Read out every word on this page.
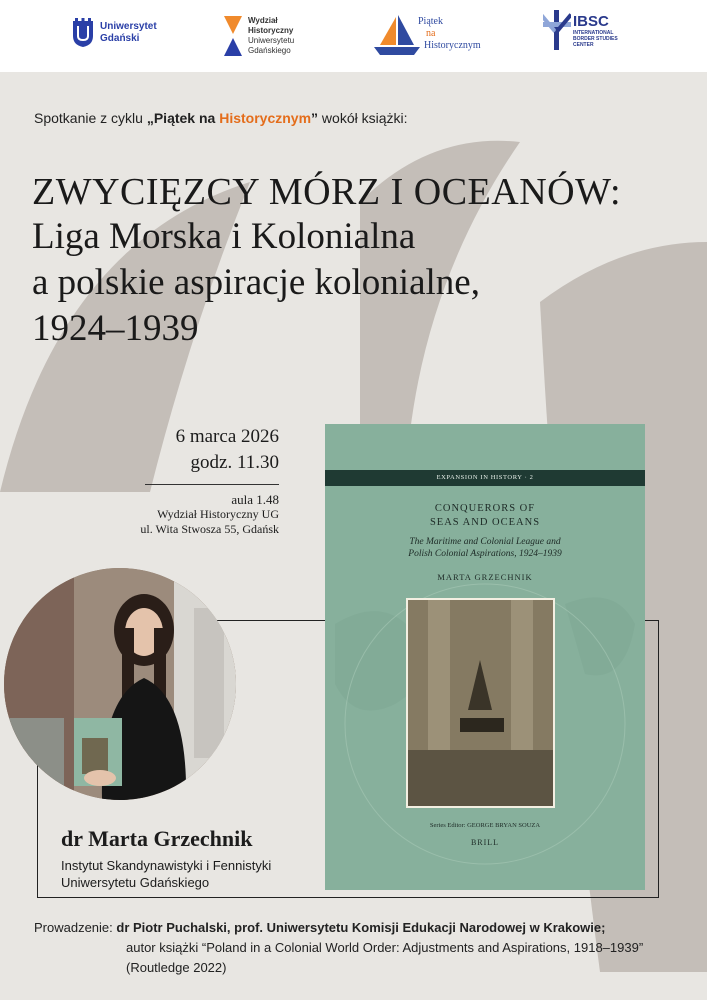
Uniwersytet
Gdański
Wydział
Historyczny
Uniwersytetu
Gdańskiego
Piątek
na
Historycznym
IBSC
INTERNATIONAL BORDER STUDIES CENTER
Spotkanie z cyklu „Piątek na Historycznym” wokół książki:
ZWYCIĘZCY MÓRZ I OCEANÓW:
Liga Morska i Kolonialna
a polskie aspiracje kolonialne,
1924–1939
6 marca 2026
godz. 11.30
aula 1.48
Wydział Historyczny UG
ul. Wita Stwosza 55, Gdańsk
dr Marta Grzechnik
Instytut Skandynawistyki i Fennistyki
Uniwersytetu Gdańskiego
EXPANSION IN HISTORY · 2
CONQUERORS OF
SEAS AND OCEANS
The Maritime and Colonial League and
Polish Colonial Aspirations, 1924–1939
MARTA GRZECHNIK
Series Editor: GEORGE BRYAN SOUZA
BRILL
Prowadzenie: dr Piotr Puchalski, prof. Uniwersytetu Komisji Edukacji Narodowej w Krakowie;
autor książki “Poland in a Colonial World Order: Adjustments and Aspirations, 1918–1939”
(Routledge 2022)
